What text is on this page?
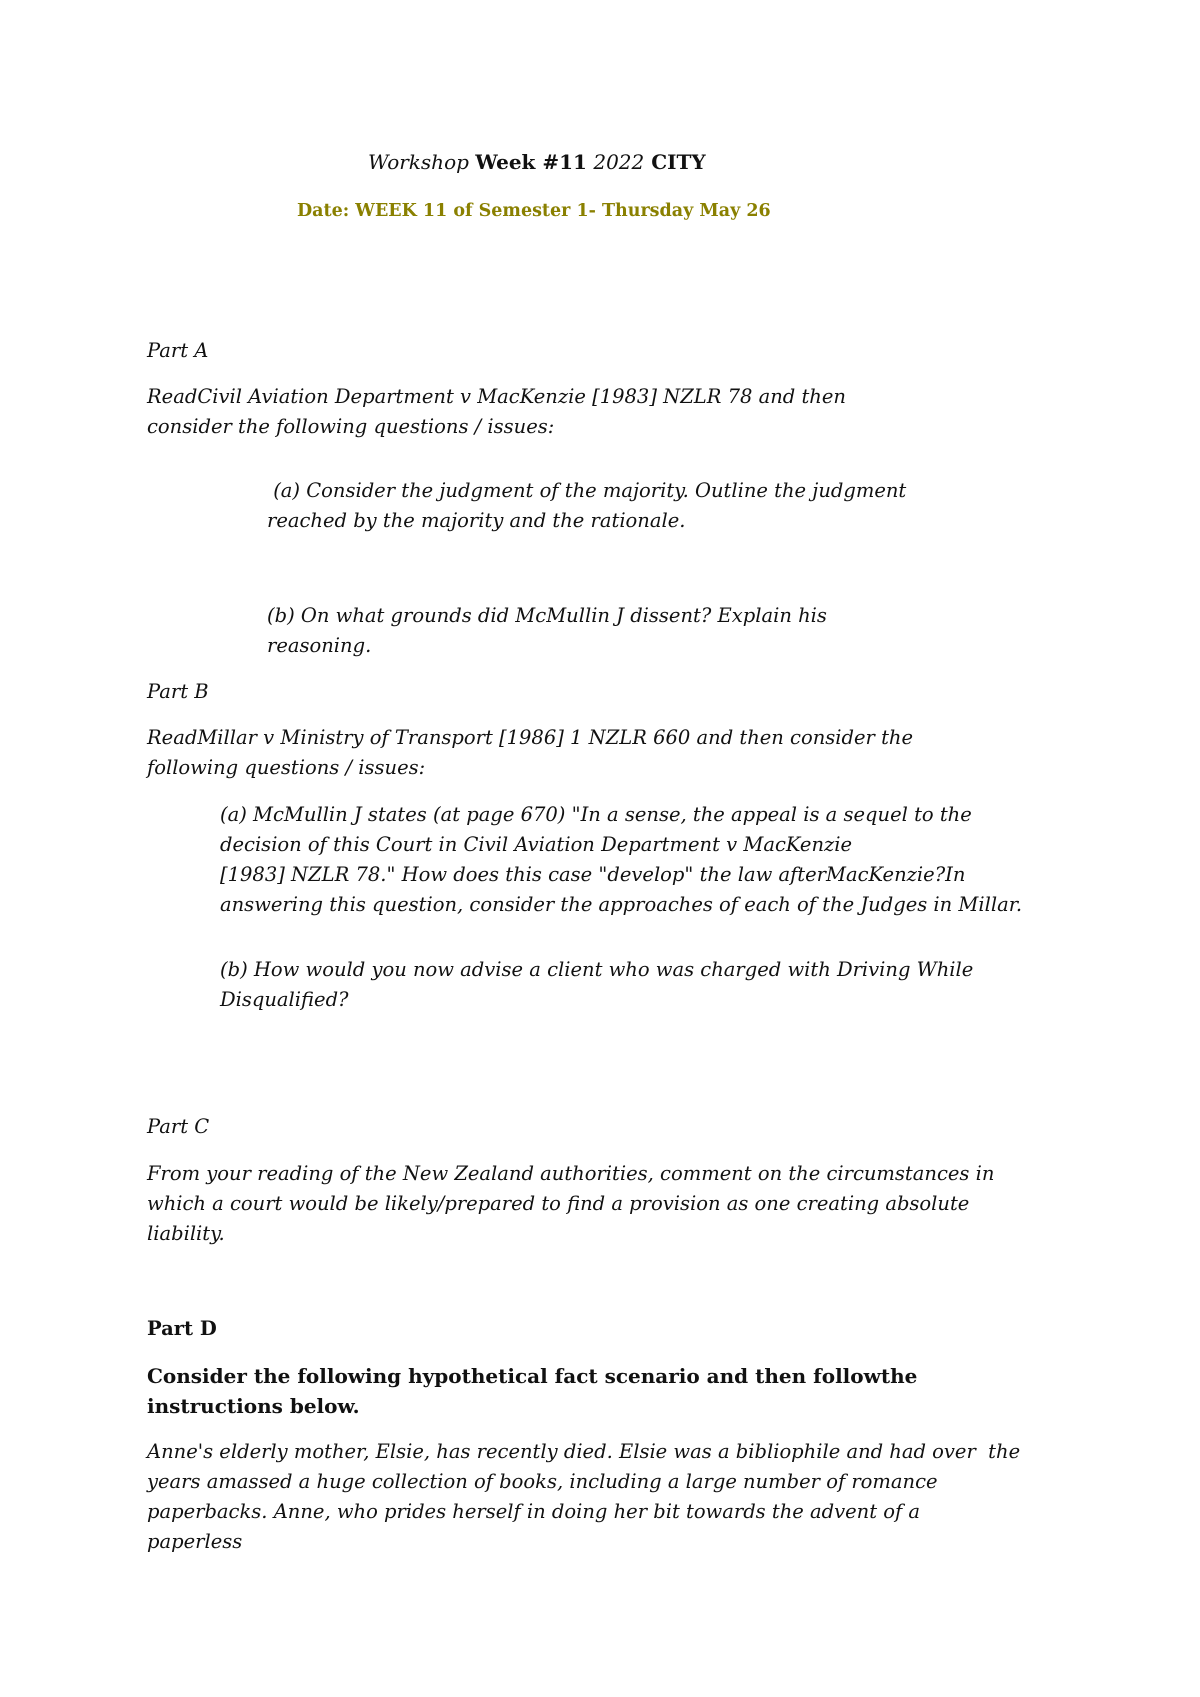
Workshop Week #11 2022 CITY
Date: WEEK 11 of Semester 1- Thursday May 26
Part A
ReadCivil Aviation Department v MacKenzie [1983] NZLR 78 and then
consider the following questions / issues:
(a) Consider the judgment of the majority. Outline the judgment
reached by the majority and the rationale.
(b) On what grounds did McMullin J dissent? Explain his
reasoning.
Part B
ReadMillar v Ministry of Transport [1986] 1 NZLR 660 and then consider the
following questions / issues:
(a) McMullin J states (at page 670) "In a sense, the appeal is a sequel to the
decision of this Court in Civil Aviation Department v MacKenzie
[1983] NZLR 78." How does this case "develop" the law afterMacKenzie?In
answering this question, consider the approaches of each of the Judges in Millar.
(b) How would you now advise a client who was charged with Driving While
Disqualified?
Part C
From your reading of the New Zealand authorities, comment on the circumstances in
which a court would be likely/prepared to find a provision as one creating absolute
liability.
Part D
Consider the following hypothetical fact scenario and then followthe
instructions below.
Anne's elderly mother, Elsie, has recently died. Elsie was a bibliophile and had over  the
years amassed a huge collection of books, including a large number of romance
paperbacks. Anne, who prides herself in doing her bit towards the advent of a
paperless
